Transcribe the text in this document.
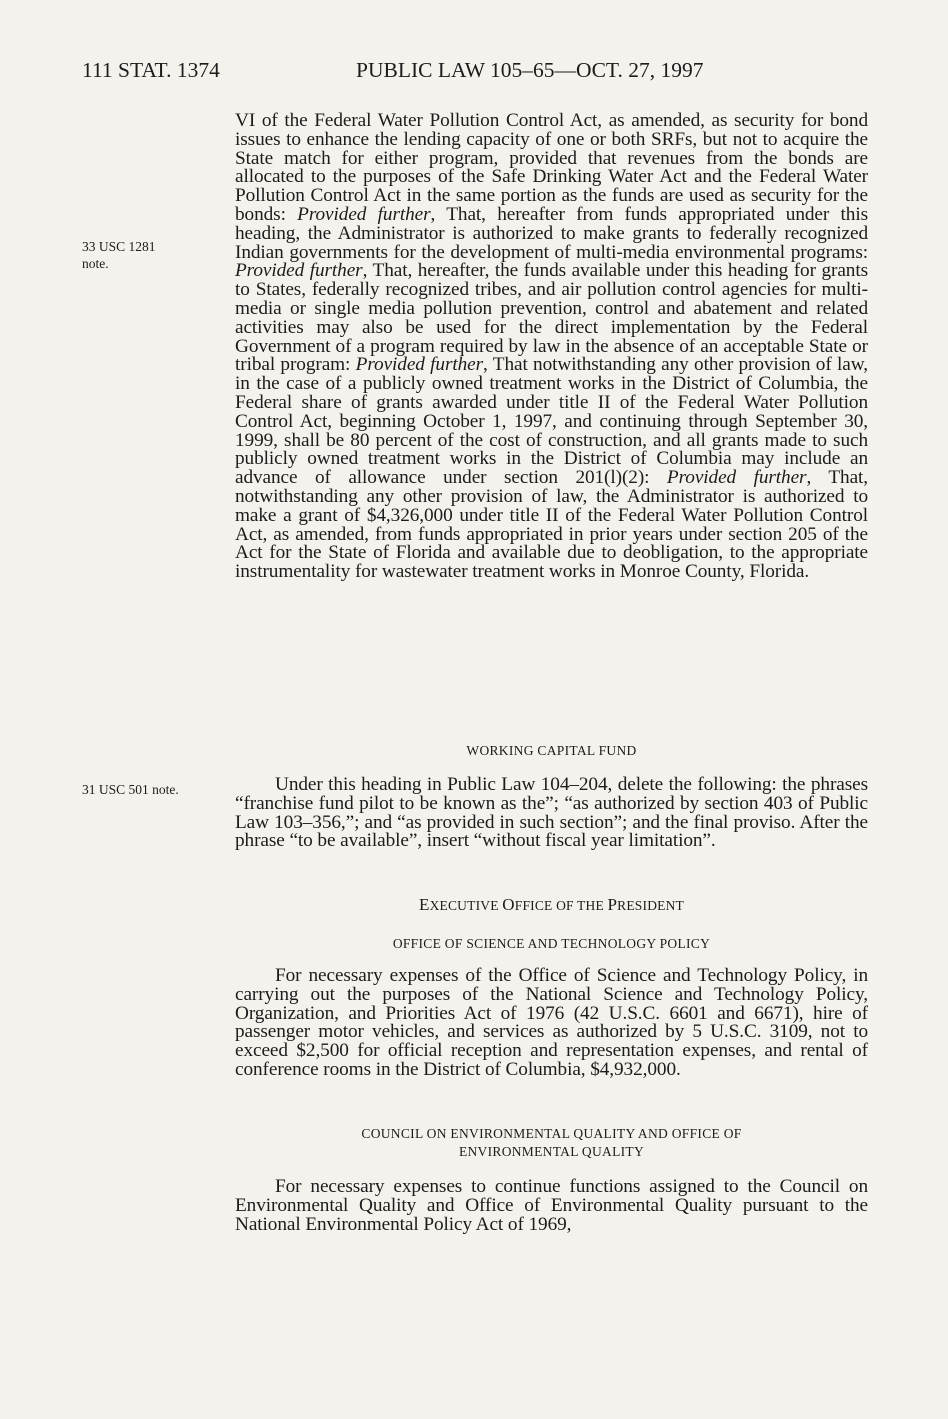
111 STAT. 1374	PUBLIC LAW 105–65—OCT. 27, 1997
33 USC 1281
note.
31 USC 501 note.

VI of the Federal Water Pollution Control Act, as amended, as security for bond issues to enhance the lending capacity of one or both SRFs, but not to acquire the State match for either program, provided that revenues from the bonds are allocated to the purposes of the Safe Drinking Water Act and the Federal Water Pollution Control Act in the same portion as the funds are used as security for the bonds: Provided further, That, hereafter from funds appropriated under this heading, the Administrator is authorized to make grants to federally recognized Indian governments for the development of multi-media environmental programs: Provided further, That, hereafter, the funds available under this heading for grants to States, federally recognized tribes, and air pollution control agencies for multi-media or single media pollution prevention, control and abatement and related activities may also be used for the direct implementation by the Federal Government of a program required by law in the absence of an acceptable State or tribal program: Provided further, That notwithstanding any other provision of law, in the case of a publicly owned treatment works in the District of Columbia, the Federal share of grants awarded under title II of the Federal Water Pollution Control Act, beginning October 1, 1997, and continuing through September 30, 1999, shall be 80 percent of the cost of construction, and all grants made to such publicly owned treatment works in the District of Columbia may include an advance of allowance under section 201(l)(2): Provided further, That, notwithstanding any other provision of law, the Administrator is authorized to make a grant of $4,326,000 under title II of the Federal Water Pollution Control Act, as amended, from funds appropriated in prior years under section 205 of the Act for the State of Florida and available due to deobligation, to the appropriate instrumentality for wastewater treatment works in Monroe County, Florida.

WORKING CAPITAL FUND

Under this heading in Public Law 104–204, delete the following: the phrases “franchise fund pilot to be known as the”; “as authorized by section 403 of Public Law 103–356,”; and “as provided in such section”; and the final proviso. After the phrase “to be available”, insert “without fiscal year limitation”.

EXECUTIVE OFFICE OF THE PRESIDENT
OFFICE OF SCIENCE AND TECHNOLOGY POLICY

For necessary expenses of the Office of Science and Technology Policy, in carrying out the purposes of the National Science and Technology Policy, Organization, and Priorities Act of 1976 (42 U.S.C. 6601 and 6671), hire of passenger motor vehicles, and services as authorized by 5 U.S.C. 3109, not to exceed $2,500 for official reception and representation expenses, and rental of conference rooms in the District of Columbia, $4,932,000.

COUNCIL ON ENVIRONMENTAL QUALITY AND OFFICE OF
ENVIRONMENTAL QUALITY

For necessary expenses to continue functions assigned to the Council on Environmental Quality and Office of Environmental Quality pursuant to the National Environmental Policy Act of 1969,
